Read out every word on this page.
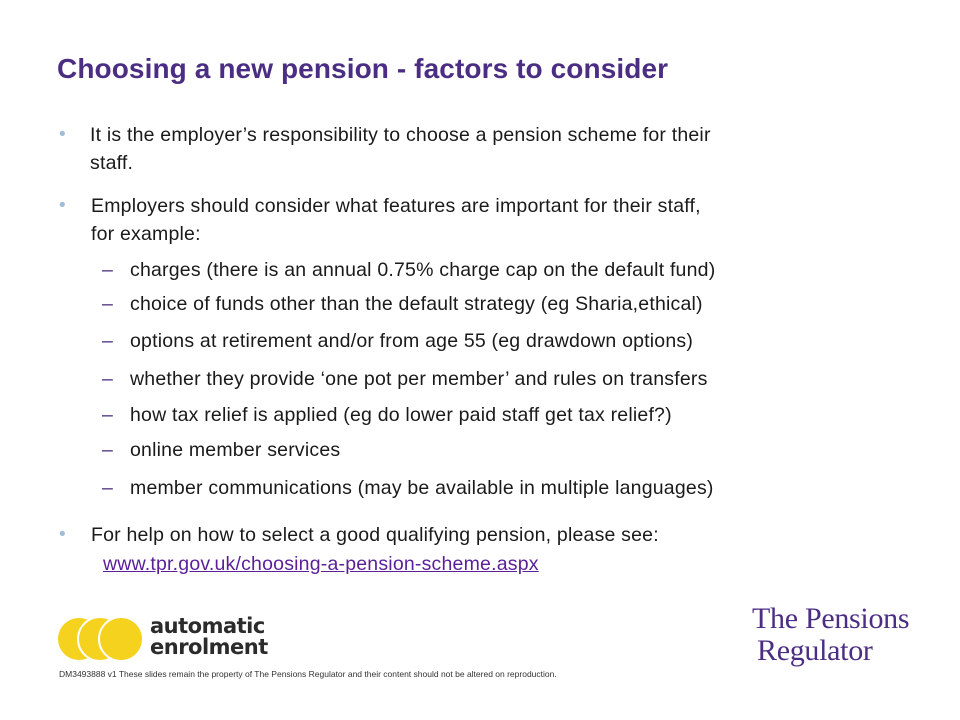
Choosing a new pension - factors to consider
• It is the employer’s responsibility to choose a pension scheme for their
staff.
• Employers should consider what features are important for their staff,
for example:
– charges (there is an annual 0.75% charge cap on the default fund)
– choice of funds other than the default strategy (eg Sharia,ethical)
– options at retirement and/or from age 55 (eg drawdown options)
– whether they provide ‘one pot per member’ and rules on transfers
– how tax relief is applied (eg do lower paid staff get tax relief?)
– online member services
– member communications (may be available in multiple languages)
• For help on how to select a good qualifying pension, please see:
www.tpr.gov.uk/choosing-a-pension-scheme.aspx
automatic
enrolment
The Pensions
Regulator
DM3493888 v1 These slides remain the property of The Pensions Regulator and their content should not be altered on reproduction.
